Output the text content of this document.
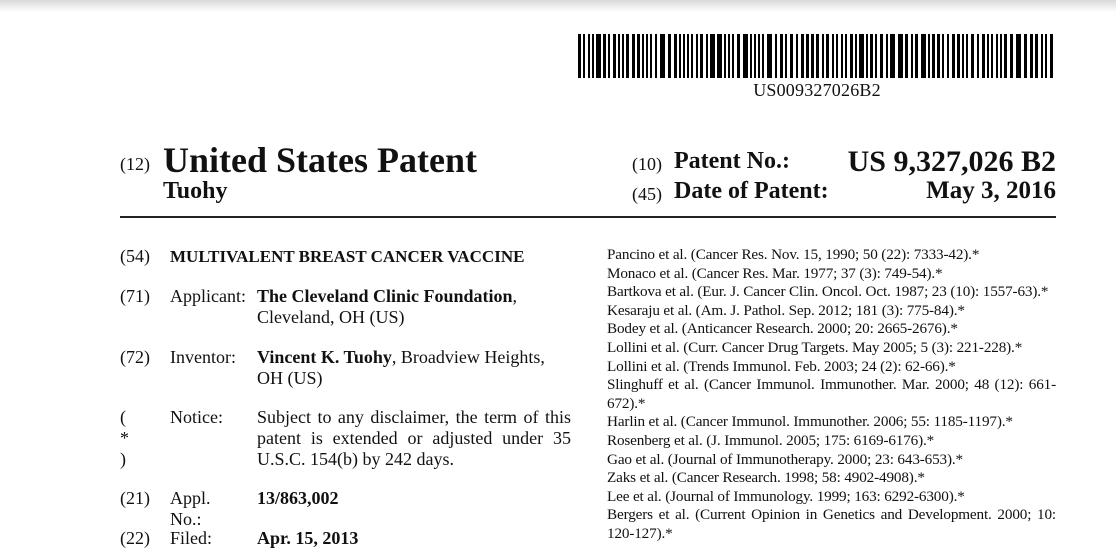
US009327026B2
(12) United States Patent
Tuohy
(10) Patent No.: US 9,327,026 B2
(45) Date of Patent:	May 3, 2016
(54) MULTIVALENT BREAST CANCER VACCINE
(71) Applicant: The Cleveland Clinic Foundation,
Cleveland, OH (US)
(72) Inventor: Vincent K. Tuohy, Broadview Heights,
OH (US)
( * )
Notice: Subject to any disclaimer, the term of this patent is extended or adjusted under 35 U.S.C. 154(b) by 242 days.
(21) Appl. No.:
13/863,002
(22) Filed: Apr. 15, 2013
Pancino et al. (Cancer Res. Nov. 15, 1990; 50 (22): 7333-42).*
Monaco et al. (Cancer Res. Mar. 1977; 37 (3): 749-54).*
Bartkova et al. (Eur. J. Cancer Clin. Oncol. Oct. 1987; 23 (10): 1557-63).*
Kesaraju et al. (Am. J. Pathol. Sep. 2012; 181 (3): 775-84).*
Bodey et al. (Anticancer Research. 2000; 20: 2665-2676).*
Lollini et al. (Curr. Cancer Drug Targets. May 2005; 5 (3): 221-228).*
Lollini et al. (Trends Immunol. Feb. 2003; 24 (2): 62-66).*
Slinghuff et al. (Cancer Immunol. Immunother. Mar. 2000; 48 (12): 661-672).*
Harlin et al. (Cancer Immunol. Immunother. 2006; 55: 1185-1197).*
Rosenberg et al. (J. Immunol. 2005; 175: 6169-6176).*
Gao et al. (Journal of Immunotherapy. 2000; 23: 643-653).*
Zaks et al. (Cancer Research. 1998; 58: 4902-4908).*
Lee et al. (Journal of Immunology. 1999; 163: 6292-6300).*
Bergers et al. (Current Opinion in Genetics and Development. 2000; 10: 120-127).*
